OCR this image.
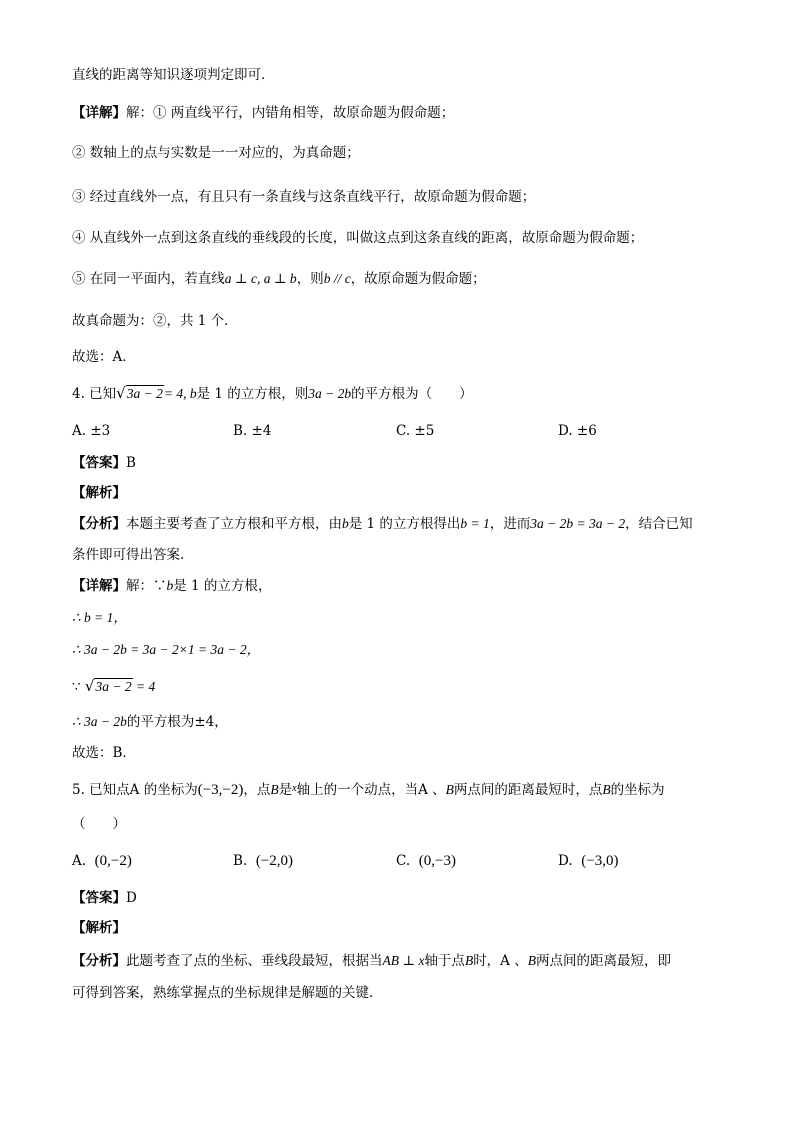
直线的距离等知识逐项判定即可．
【详解】解：① 两直线平行，内错角相等，故原命题为假命题；
② 数轴上的点与实数是一一对应的，为真命题；
③ 经过直线外一点，有且只有一条直线与这条直线平行，故原命题为假命题；
④ 从直线外一点到这条直线的垂线段的长度，叫做这点到这条直线的距离，故原命题为假命题；
⑤ 在同一平面内，若直线a ⊥ c, a ⊥ b，则b // c，故原命题为假命题；
故真命题为：②，共 1 个．
故选：A．
4. 已知√3a − 2= 4, b是 1 的立方根，则3a − 2b的平方根为（　　）
A. ±3	B. ±4	C. ±5	D. ±6
【答案】B
【解析】
【分析】本题主要考查了立方根和平方根，由b是 1 的立方根得出b = 1，进而3a − 2b = 3a − 2，结合已知
条件即可得出答案．
【详解】解：∵b是 1 的立方根，
∴ b = 1，
∴ 3a − 2b = 3a − 2×1 = 3a − 2，
∵ √3a − 2 = 4
∴ 3a − 2b的平方根为±4，
故选：B．
5. 已知点A 的坐标为(−3,−2)，点B是$^x$轴上的一个动点，当A 、B两点间的距离最短时，点B的坐标为
（　　）
A. (0,−2)	B. (−2,0)	C. (0,−3)	D. (−3,0)
【答案】D
【解析】
【分析】此题考查了点的坐标、垂线段最短，根据当AB ⊥ x轴于点B时，A 、B两点间的距离最短，即
可得到答案，熟练掌握点的坐标规律是解题的关键．
